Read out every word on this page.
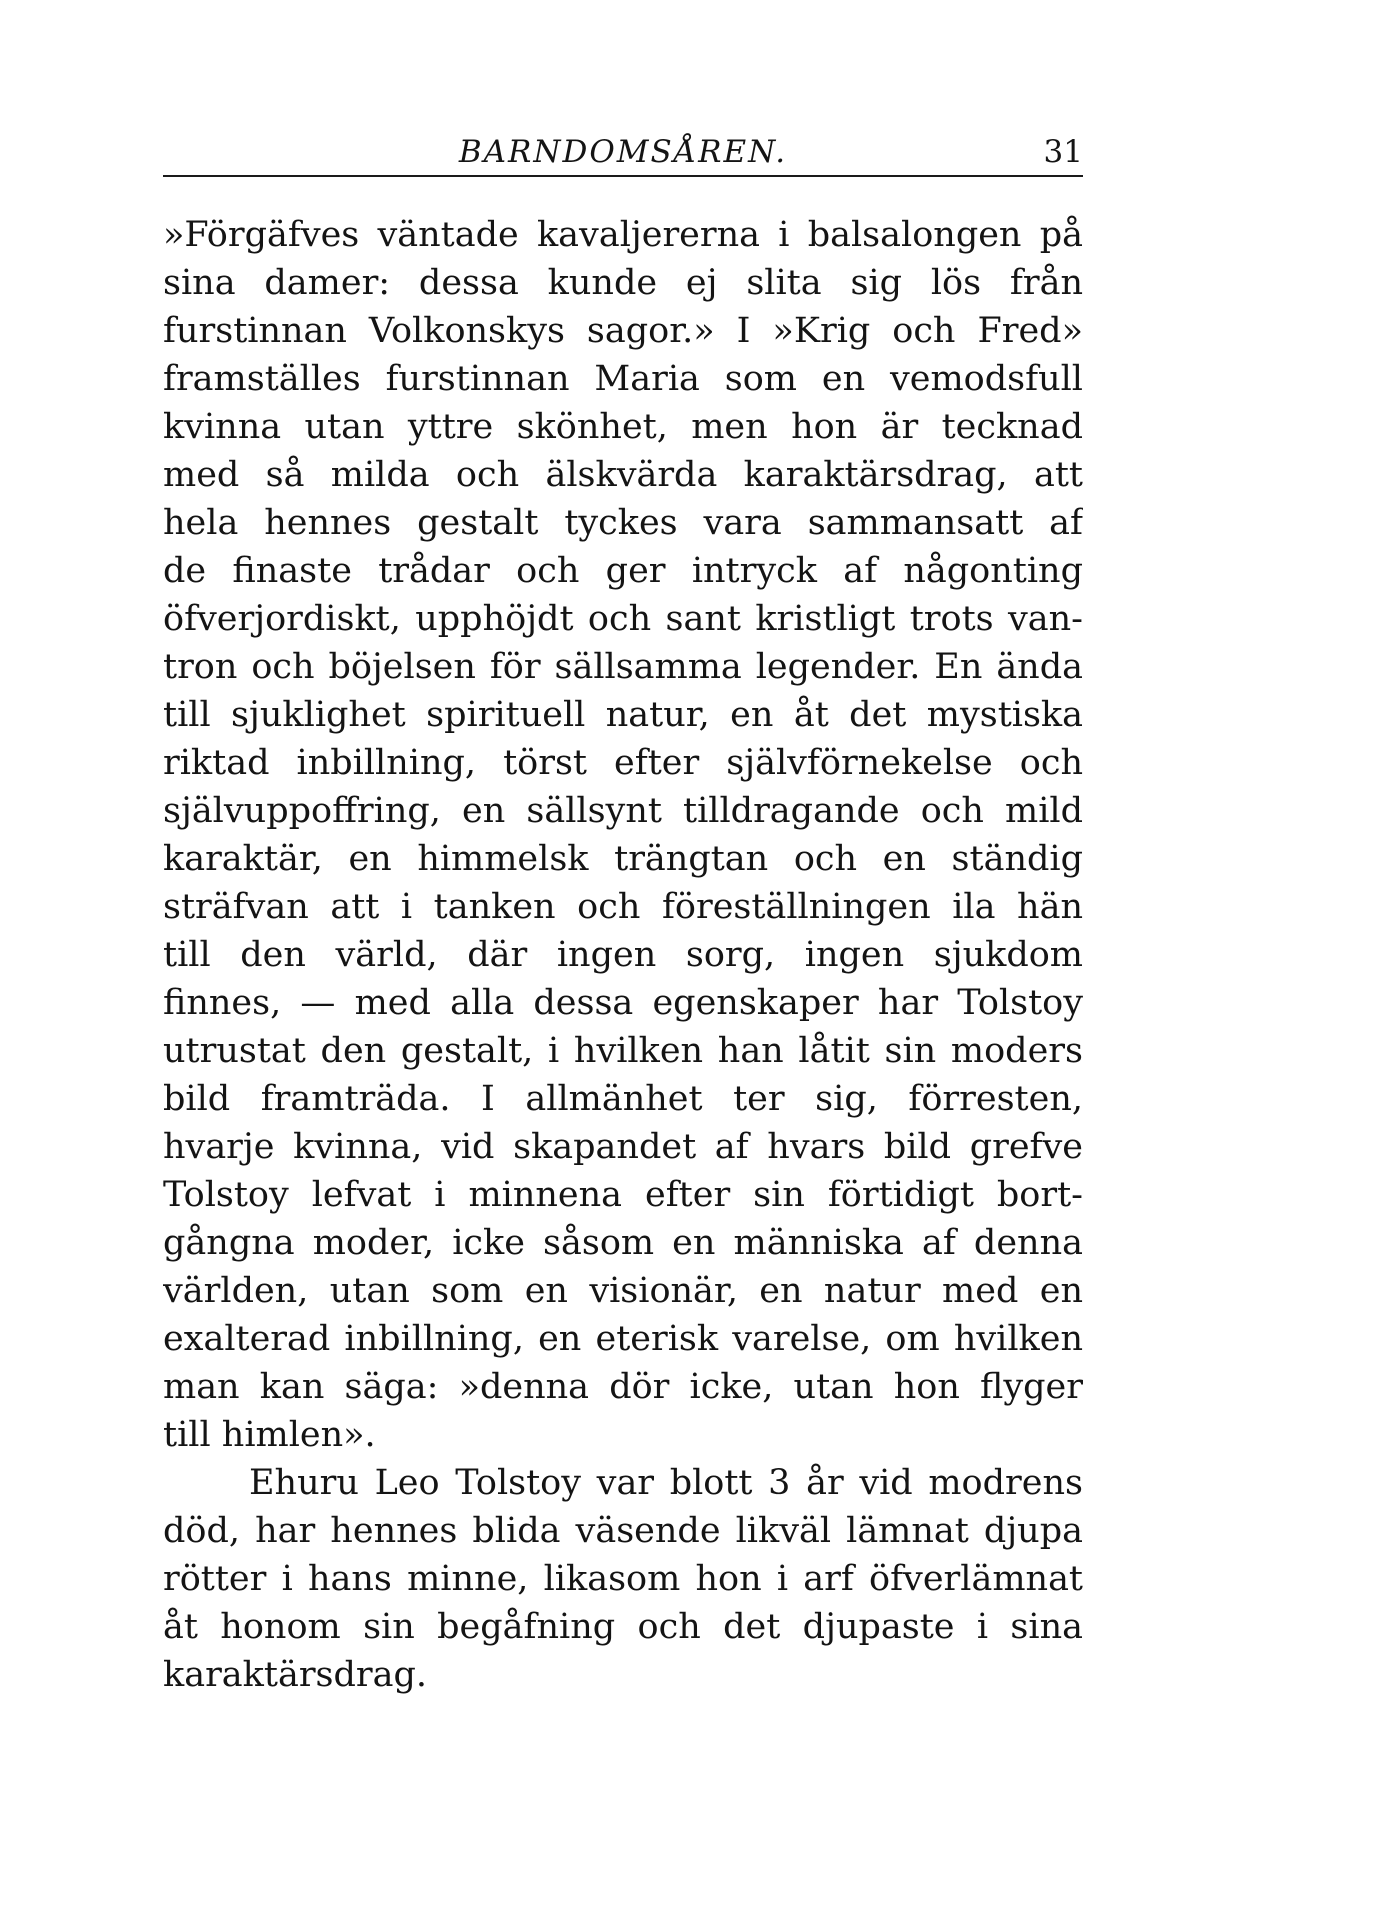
BARNDOMSÅREN.	31
»Förgäfves väntade kavaljererna i balsalongen på
sina damer: dessa kunde ej slita sig lös från
furstinnan Volkonskys sagor.» I »Krig och Fred»
framställes furstinnan Maria som en vemodsfull
kvinna utan yttre skönhet, men hon är tecknad
med så milda och älskvärda karaktärsdrag, att
hela hennes gestalt tyckes vara sammansatt af
de finaste trådar och ger intryck af någonting
öfverjordiskt, upphöjdt och sant kristligt trots van-
tron och böjelsen för sällsamma legender. En ända
till sjuklighet spirituell natur, en åt det mystiska
riktad inbillning, törst efter självförnekelse och
självuppoffring, en sällsynt tilldragande och mild
karaktär, en himmelsk trängtan och en ständig
sträfvan att i tanken och föreställningen ila hän
till den värld, där ingen sorg, ingen sjukdom
finnes, — med alla dessa egenskaper har Tolstoy
utrustat den gestalt, i hvilken han låtit sin moders
bild framträda. I allmänhet ter sig, förresten,
hvarje kvinna, vid skapandet af hvars bild grefve
Tolstoy lefvat i minnena efter sin förtidigt bort-
gångna moder, icke såsom en människa af denna
världen, utan som en visionär, en natur med en
exalterad inbillning, en eterisk varelse, om hvilken
man kan säga: »denna dör icke, utan hon flyger
till himlen».
Ehuru Leo Tolstoy var blott 3 år vid modrens
död, har hennes blida väsende likväl lämnat djupa
rötter i hans minne, likasom hon i arf öfverlämnat
åt honom sin begåfning och det djupaste i sina
karaktärsdrag.
